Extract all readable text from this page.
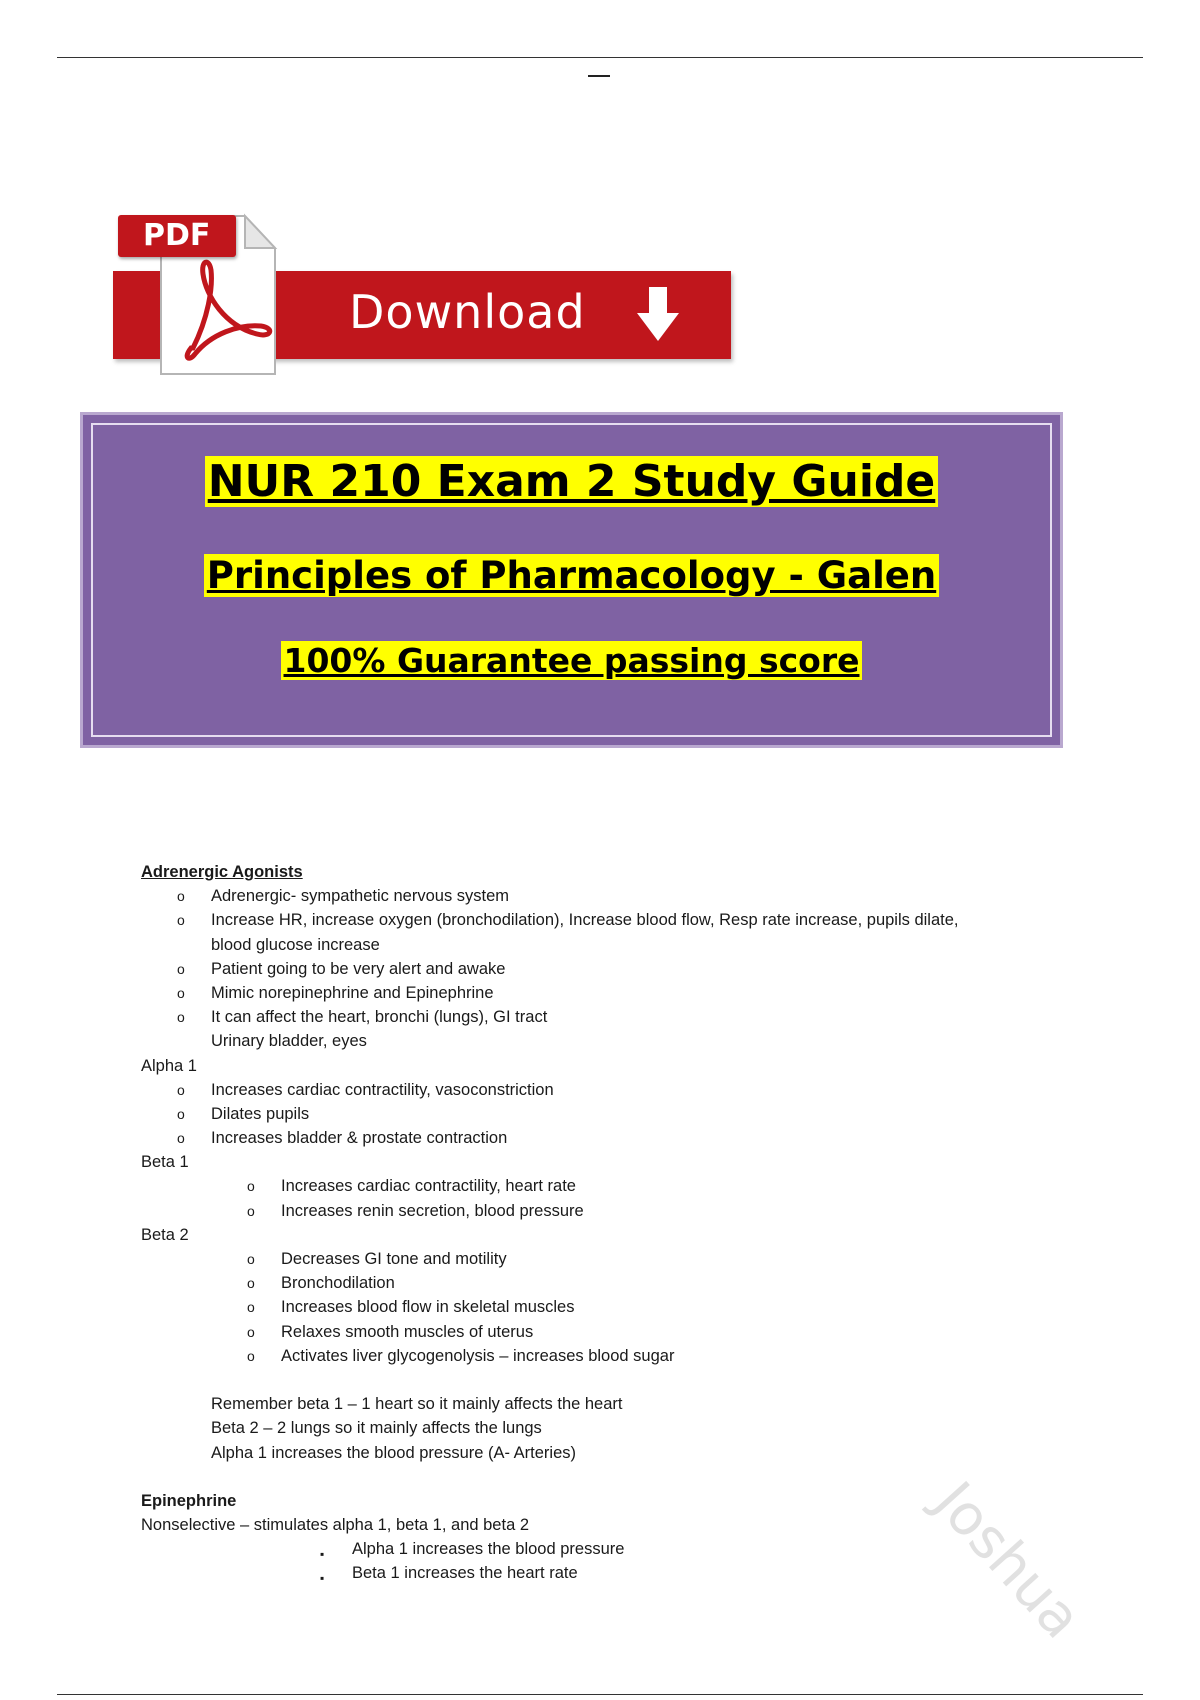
Download
PDF
NUR 210 Exam 2 Study Guide
Principles of Pharmacology - Galen
100% Guarantee passing score
Adrenergic Agonists
o Adrenergic- sympathetic nervous system
o Increase HR, increase oxygen (bronchodilation), Increase blood flow, Resp rate increase, pupils dilate,
blood glucose increase
o Patient going to be very alert and awake
o Mimic norepinephrine and Epinephrine
o It can affect the heart, bronchi (lungs), GI tract
Urinary bladder, eyes
Alpha 1
o Increases cardiac contractility, vasoconstriction
o Dilates pupils
o Increases bladder & prostate contraction
Beta 1
o Increases cardiac contractility, heart rate
o Increases renin secretion, blood pressure
Beta 2
o Decreases GI tone and motility
o Bronchodilation
o Increases blood flow in skeletal muscles
o Relaxes smooth muscles of uterus
o Activates liver glycogenolysis – increases blood sugar
Remember beta 1 – 1 heart so it mainly affects the heart
Beta 2 – 2 lungs so it mainly affects the lungs
Alpha 1 increases the blood pressure (A- Arteries)
Epinephrine
Nonselective – stimulates alpha 1, beta 1, and beta 2
▪ Alpha 1 increases the blood pressure
▪ Beta 1 increases the heart rate	Joshua
